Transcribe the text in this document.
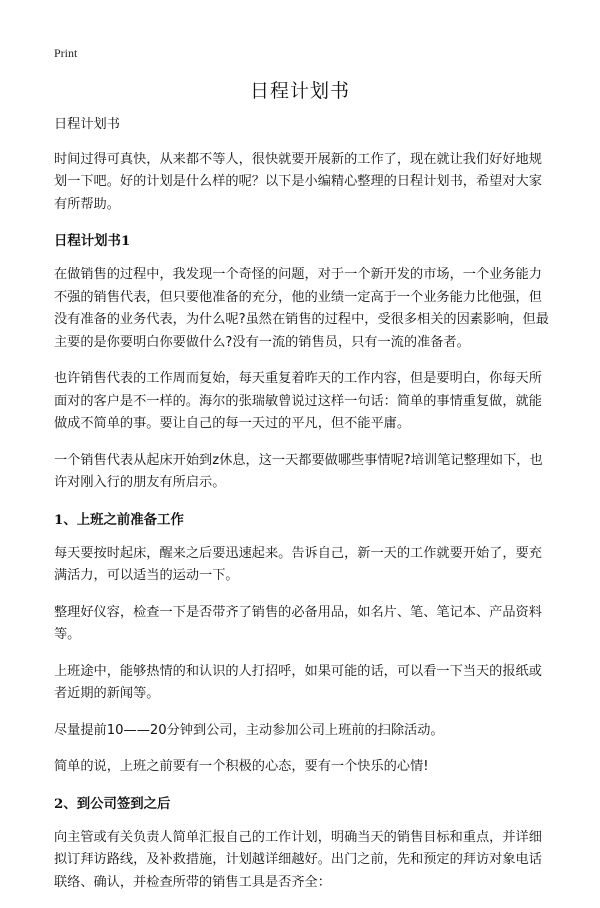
Print
日程计划书

日程计划书

时间过得可真快，从来都不等人，很快就要开展新的工作了，现在就让我们好好地规划一下吧。好的计划是什么样的呢？以下是小编精心整理的日程计划书，希望对大家有所帮助。

日程计划书1

在做销售的过程中，我发现一个奇怪的问题，对于一个新开发的市场，一个业务能力不强的销售代表，但只要他准备的充分，他的业绩一定高于一个业务能力比他强，但没有准备的业务代表，为什么呢?虽然在销售的过程中，受很多相关的因素影响，但最主要的是你要明白你要做什么?没有一流的销售员，只有一流的准备者。

也许销售代表的工作周而复始，每天重复着昨天的工作内容，但是要明白，你每天所面对的客户是不一样的。海尔的张瑞敏曾说过这样一句话：简单的事情重复做，就能做成不简单的事。要让自己的每一天过的平凡，但不能平庸。

一个销售代表从起床开始到z休息，这一天都要做哪些事情呢?培训笔记整理如下，也许对刚入行的朋友有所启示。

1、上班之前准备工作

每天要按时起床，醒来之后要迅速起来。告诉自己，新一天的工作就要开始了，要充满活力，可以适当的运动一下。

整理好仪容，检查一下是否带齐了销售的必备用品，如名片、笔、笔记本、产品资料等。

上班途中，能够热情的和认识的人打招呼，如果可能的话，可以看一下当天的报纸或者近期的新闻等。

尽量提前10——20分钟到公司，主动参加公司上班前的扫除活动。

简单的说，上班之前要有一个积极的心态，要有一个快乐的心情!

2、到公司签到之后

向主管或有关负责人简单汇报自己的工作计划，明确当天的销售目标和重点，并详细拟订拜访路线，及补救措施，计划越详细越好。出门之前，先和预定的拜访对象电话联络、确认，并检查所带的销售工具是否齐全：
